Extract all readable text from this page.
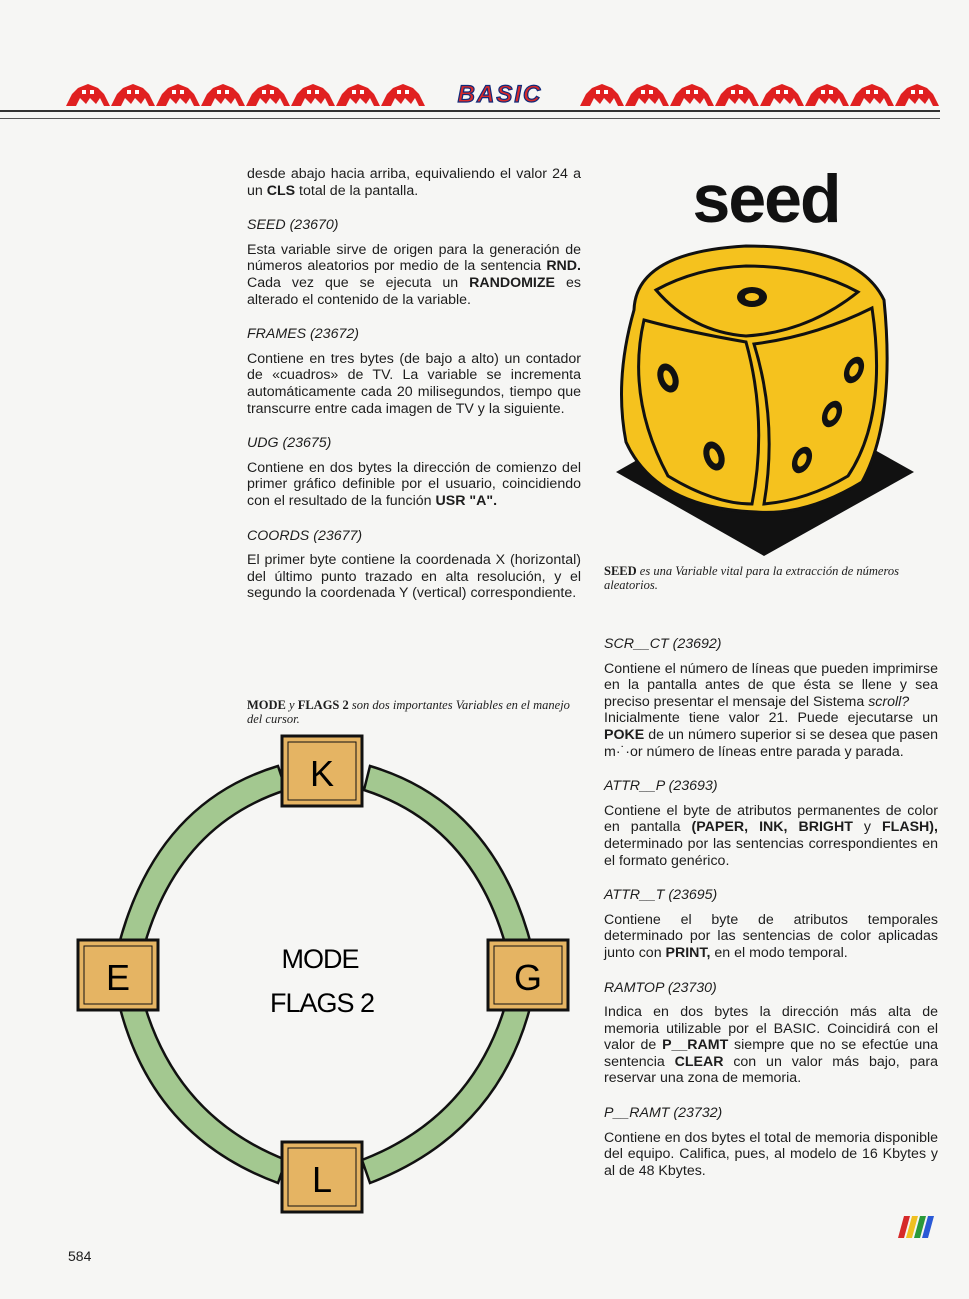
BASIC

desde abajo hacia arriba, equivaliendo el valor 24 a un CLS total de la pantalla.

SEED (23670)

Esta variable sirve de origen para la generación de números aleatorios por medio de la sentencia RND. Cada vez que se ejecuta un RANDOMIZE es alterado el contenido de la variable.

FRAMES (23672)

Contiene en tres bytes (de bajo a alto) un contador de «cuadros» de TV. La variable se incrementa automáticamente cada 20 milisegundos, tiempo que transcurre entre cada imagen de TV y la siguiente.

UDG (23675)

Contiene en dos bytes la dirección de comienzo del primer gráfico definible por el usuario, coincidiendo con el resultado de la función USR "A".

COORDS (23677)

El primer byte contiene la coordenada X (horizontal) del último punto trazado en alta resolución, y el segundo la coordenada Y (vertical) correspondiente.

MODE y FLAGS 2 son dos importantes Variables en el manejo del cursor.
K
G
L
E	MODE
FLAGS 2
seed
SEED es una Variable vital para la extracción de números aleatorios.

SCR__CT (23692)

Contiene el número de líneas que pueden imprimirse en la pantalla antes de que ésta se llene y sea preciso presentar el mensaje del Sistema scroll?

Inicialmente tiene valor 21. Puede ejecutarse un POKE de un número superior si se desea que pasen m·˙·or número de líneas entre parada y parada.

ATTR__P (23693)

Contiene el byte de atributos permanentes de color en pantalla (PAPER, INK, BRIGHT y FLASH), determinado por las sentencias correspondientes en el formato genérico.

ATTR__T (23695)

Contiene el byte de atributos temporales determinado por las sentencias de color aplicadas junto con PRINT, en el modo temporal.

RAMTOP (23730)

Indica en dos bytes la dirección más alta de memoria utilizable por el BASIC. Coincidirá con el valor de P__RAMT siempre que no se efectúe una sentencia CLEAR con un valor más bajo, para reservar una zona de memoria.

P__RAMT (23732)

Contiene en dos bytes el total de memoria disponible del equipo. Califica, pues, al modelo de 16 Kbytes y al de 48 Kbytes.

584
